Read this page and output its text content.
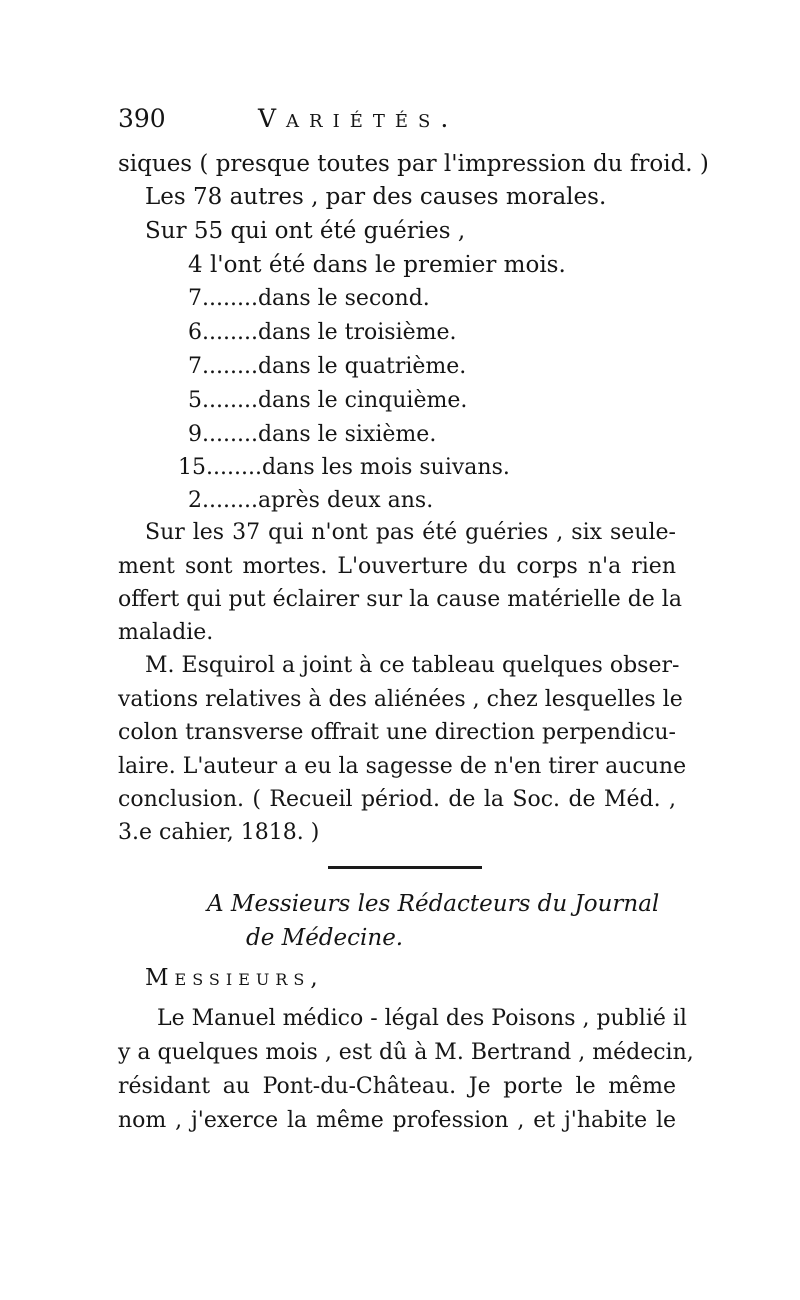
390	Variétés.
siques ( presque toutes par l'impression du froid. )
Les 78 autres , par des causes morales.
Sur 55 qui ont été guéries ,
4 l'ont été dans le premier mois.
7........dans le second.
6........dans le troisième.
7........dans le quatrième.
5........dans le cinquième.
9........dans le sixième.
15........dans les mois suivans.
2........après deux ans.
Sur les 37 qui n'ont pas été guéries , six seule-
ment sont mortes. L'ouverture du corps n'a rien
offert qui put éclairer sur la cause matérielle de la
maladie.
M. Esquirol a joint à ce tableau quelques obser-
vations relatives à des aliénées , chez lesquelles le
colon transverse offrait une direction perpendicu-
laire. L'auteur a eu la sagesse de n'en tirer aucune
conclusion. ( Recueil périod. de la Soc. de Méd. ,
3.e cahier, 1818. )
A Messieurs les Rédacteurs du Journal
de Médecine.
Messieurs,
Le Manuel médico - légal des Poisons , publié il
y a quelques mois , est dû à M. Bertrand , médecin,
résidant au Pont-du-Château. Je porte le même
nom , j'exerce la même profession , et j'habite le
